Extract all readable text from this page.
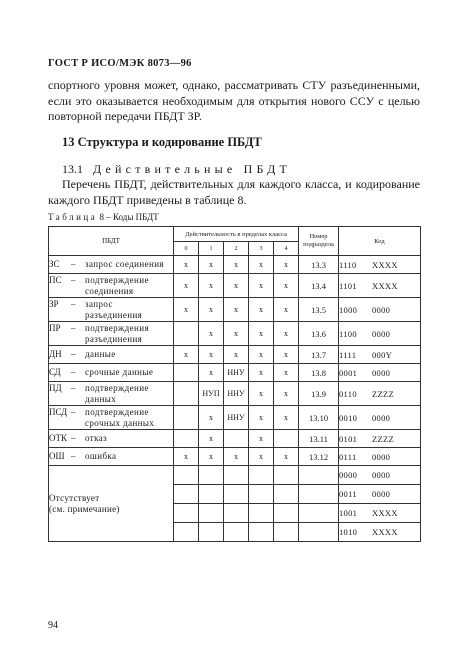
ГОСТ Р ИСО/МЭК 8073—96
спортного уровня может, однако, рассматривать СТУ разъединенными, если это оказывается необходимым для открытия нового ССУ с целью повторной передачи ПБДТ ЗР.
13 Структура и кодирование ПБДТ
13.1 Действительные ПБДТ
Перечень ПБДТ, действительных для каждого класса, и кодирование каждого ПБДТ приведены в таблице 8.
Таблица 8 – Коды ПБДТ
ПБДТ	Действительность в пределах класса					Номер подраздела	Код
	0	1	2	3	4		
ЗС – запрос соединения	x	x	x	x	x	13.3	1110 XXXX
ПС – подтверждение
соединения	x	x	x	x	x	13.4	1101 XXXX
ЗР – запрос
разъединения	x	x	x	x	x	13.5	1000 0000
ПР – подтверждения
разъединения		x	x	x	x	13.6	1100 0000
ДН – данные	x	x	x	x	x	13.7	1111 000Y
СД – срочные данные		x	ННУ	x	x	13.8	0001 0000
ПД – подтверждение
данных		НУП	ННУ	x	x	13.9	0110 ZZZZ
ПСД – подтверждение
срочных данных		x	ННУ	x	x	13.10	0010 0000
ОТК – отказ		x		x		13.11	0101 ZZZZ
ОШ – ошибка	x	x	x	x	x	13.12	0111 0000

Отсутствует
(см. примечание)							0000 0000
							0011 0000
							1001 XXXX
							1010 XXXX
94
